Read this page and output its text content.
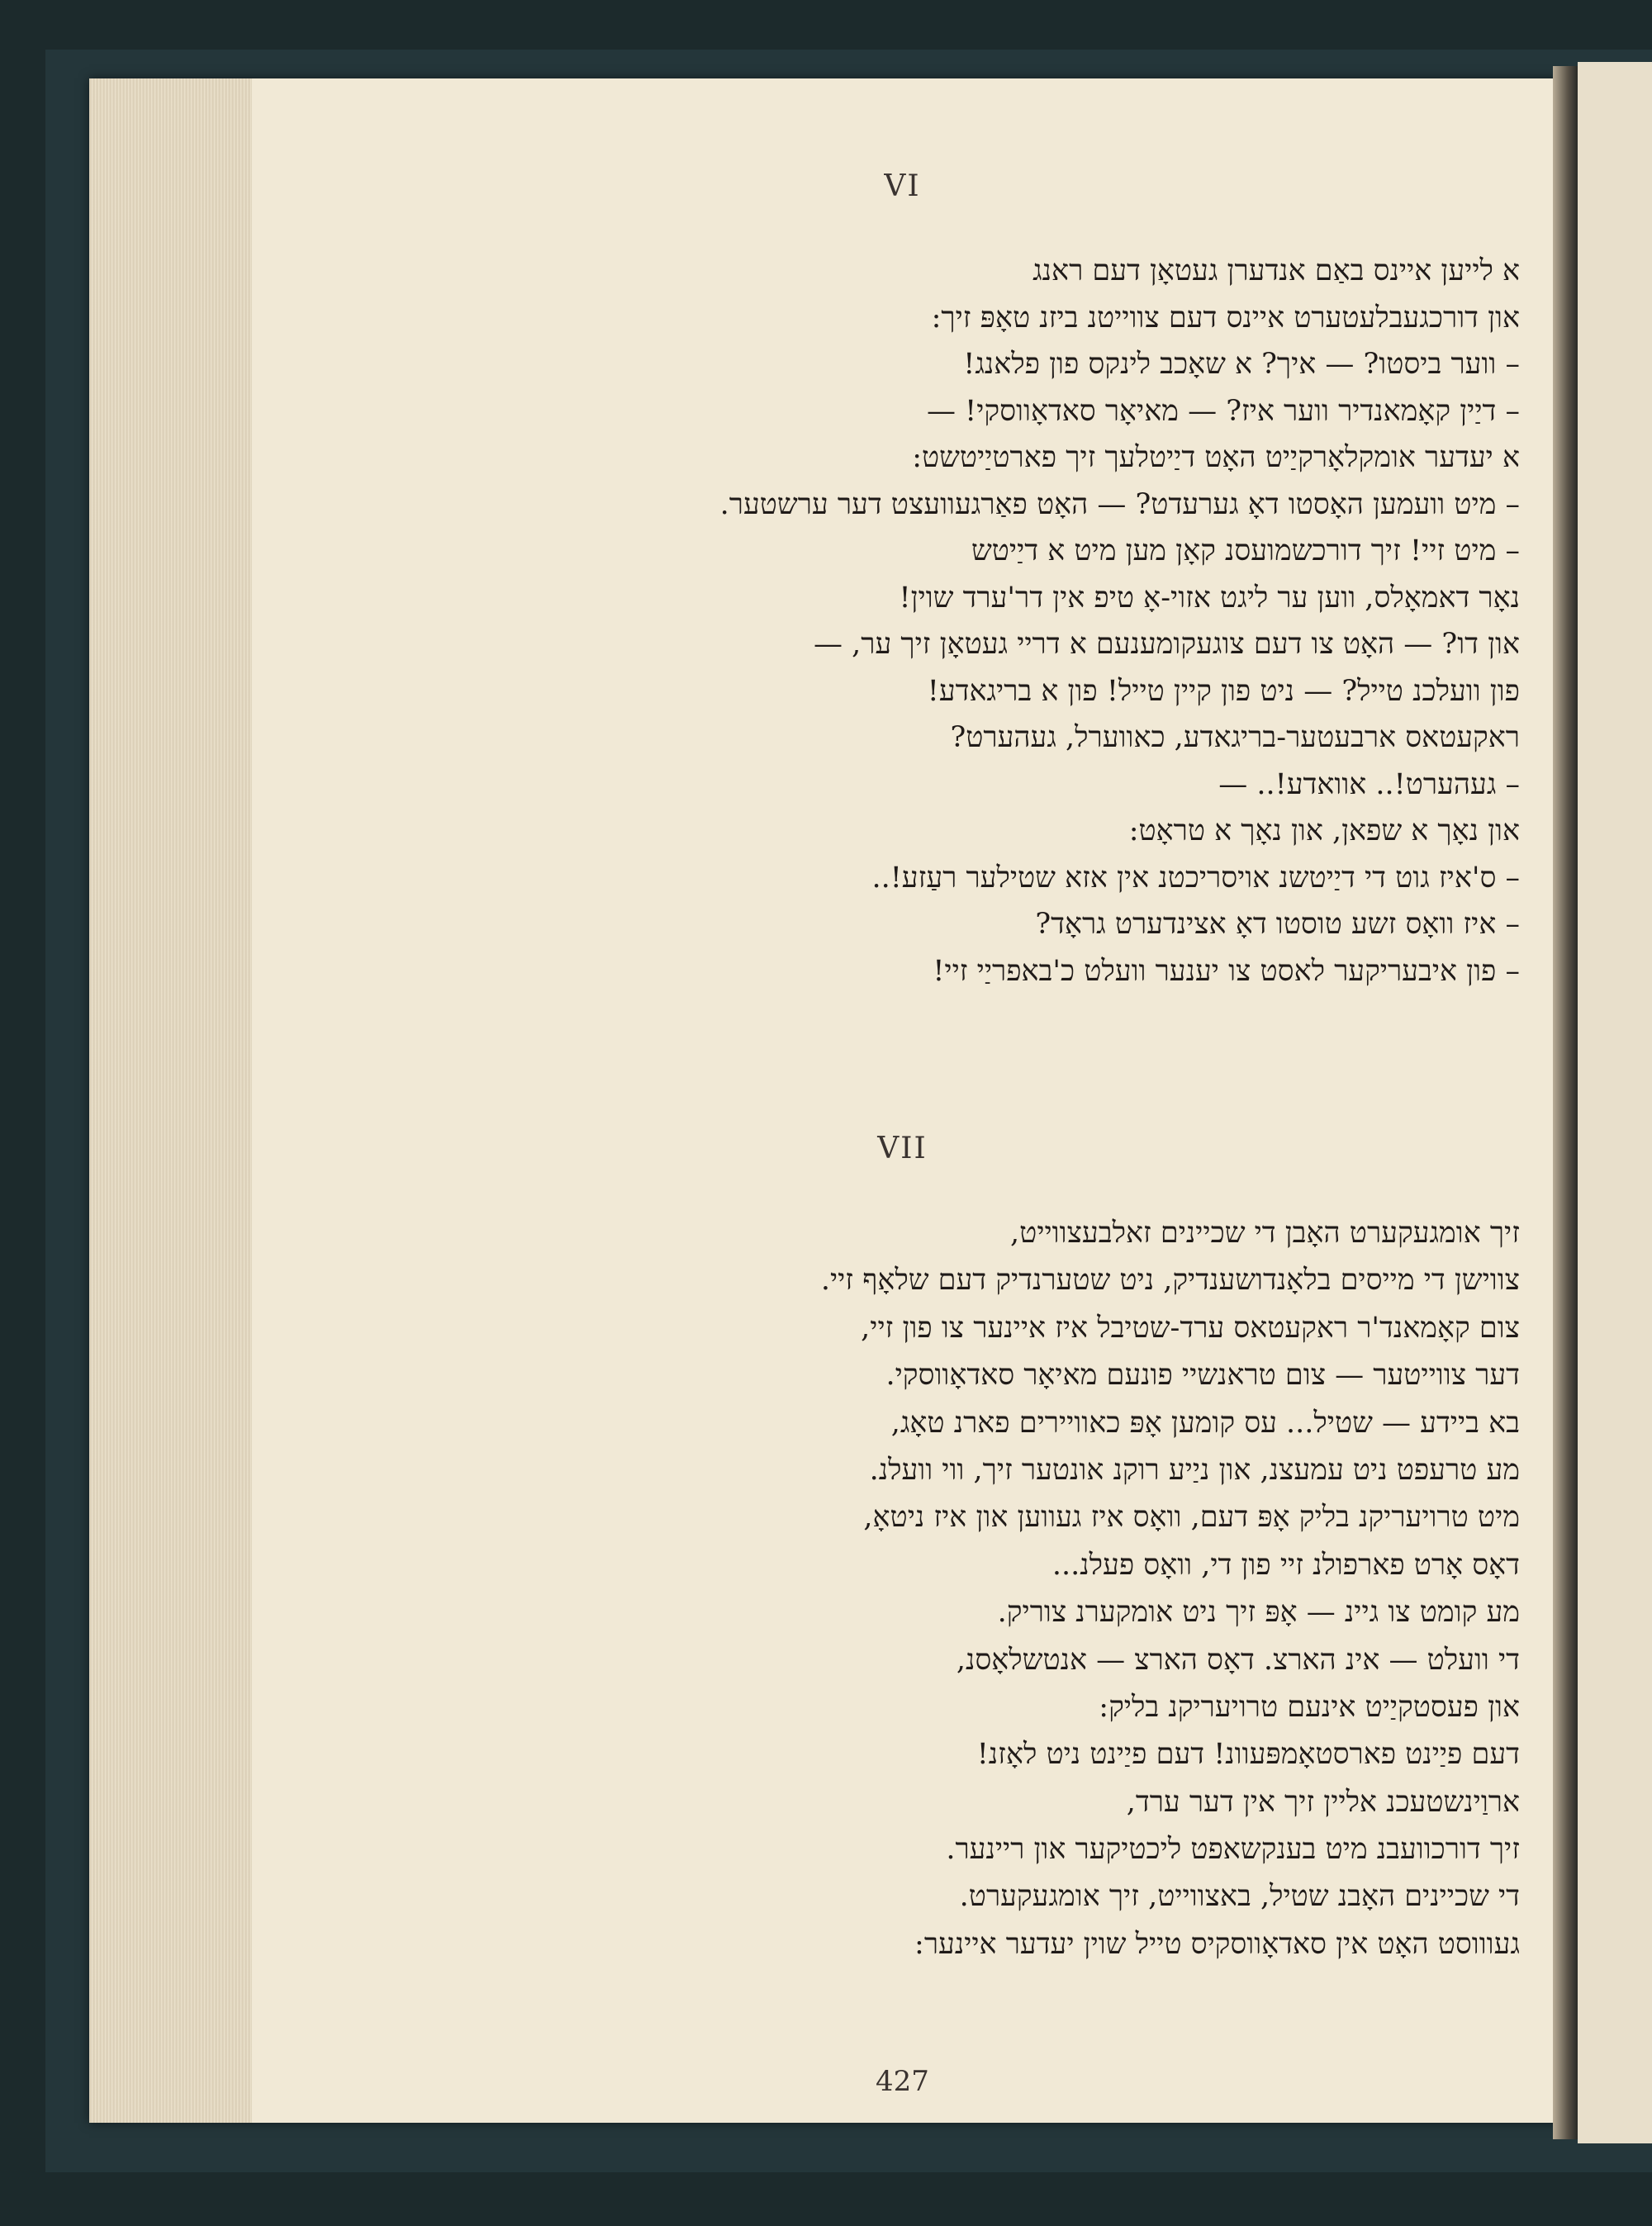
VI
א לייען איינס באַם אנדערן געטאָן דעם ראנג
און דורכגעבלעטערט איינס דעם צווייטנ ביזנ טאָפּ זיך:
– ווער ביסטו? — איך? א שאָכב לינקס פון פלאנג!
– דיַין קאָמאנדיר ווער איז? — מאיאָר סאדאָווסקי! —
א יעדער אומקלאָרקיַיט האָט דיַיטלעך זיך פארטיַיטשט:
– מיט וועמען האָסטו דאָ גערעדט? — האָט פאַרגעוועצט דער ערשטער.
– מיט זיי! זיך דורכשמועסנ קאָן מען מיט א דיַיטש
נאָר דאמאָלס, ווען ער ליגט אזוי-אָ טיפ אין דר'ערד שוין!
און דו? — האָט צו דעם צוגעקומענעם א דריי געטאָן זיך ער, —
פון וועלכנ טייל? — ניט פון קיין טייל! פון א בריגאדע!
ראקעטאס ארבעטער-בריגאדע, כאווערל, געהערט?
– געהערט!.. אוואדע!.. —
און נאָך א שפאן, און נאָך א טראָט:
– ס'איז גוט די דיַיטשנ אויסריכטנ אין אזא שטילער רעַזע!..
– איז וואָס זשע טוסטו דאָ אצינדערט גראָד?
– פון איבעריקער לאסט צו יענער וועלט כ'באפריַי זיי!
VII
זיך אומגעקערט האָבן די שכיינים זאלבעצווייט,
צווישן די מייסים בלאָנדושענדיק, ניט שטערנדיק דעם שלאָף זיי.
צום קאָמאנד'ר ראקעטאס ערד-שטיבל איז איינער צו פון זיי,
דער צווייטער — צום טראנשיי פונעם מאיאָר סאדאָווסקי.
בא ביידע — שטיל... עס קומען אָפּ כאוויירים פארנ טאָג,
מע טרעפט ניט עמעצנ, און ניַיע רוקנ אונטער זיך, ווי וועלנ.
מיט טרויעריקנ בליק אָפּ דעם, וואָס איז געווען און איז ניטאָ,
דאָס אָרט פארפולנ זיי פון די, וואָס פעלנ...
מע קומט צו גיינ — אָפּ זיך ניט אומקערנ צוריק.
די וועלט — אינ הארצ. דאָס הארצ — אנטשלאָסנ,
און פעסטקיַיט אינעם טרויעריקנ בליק:
דעם פיַינט פארסטאָמפּעוונ! דעם פיַינט ניט לאָזנ!
ארוַינשטעכנ אליין זיך אין דער ערד,
זיך דורכוועבנ מיט בענקשאפט ליכטיקער און ריינער.
די שכיינים האָבנ שטיל, באצווייט, זיך אומגעקערט.
געוווסט האָט אין סאדאָווסקיס טייל שוין יעדער איינער:
427
